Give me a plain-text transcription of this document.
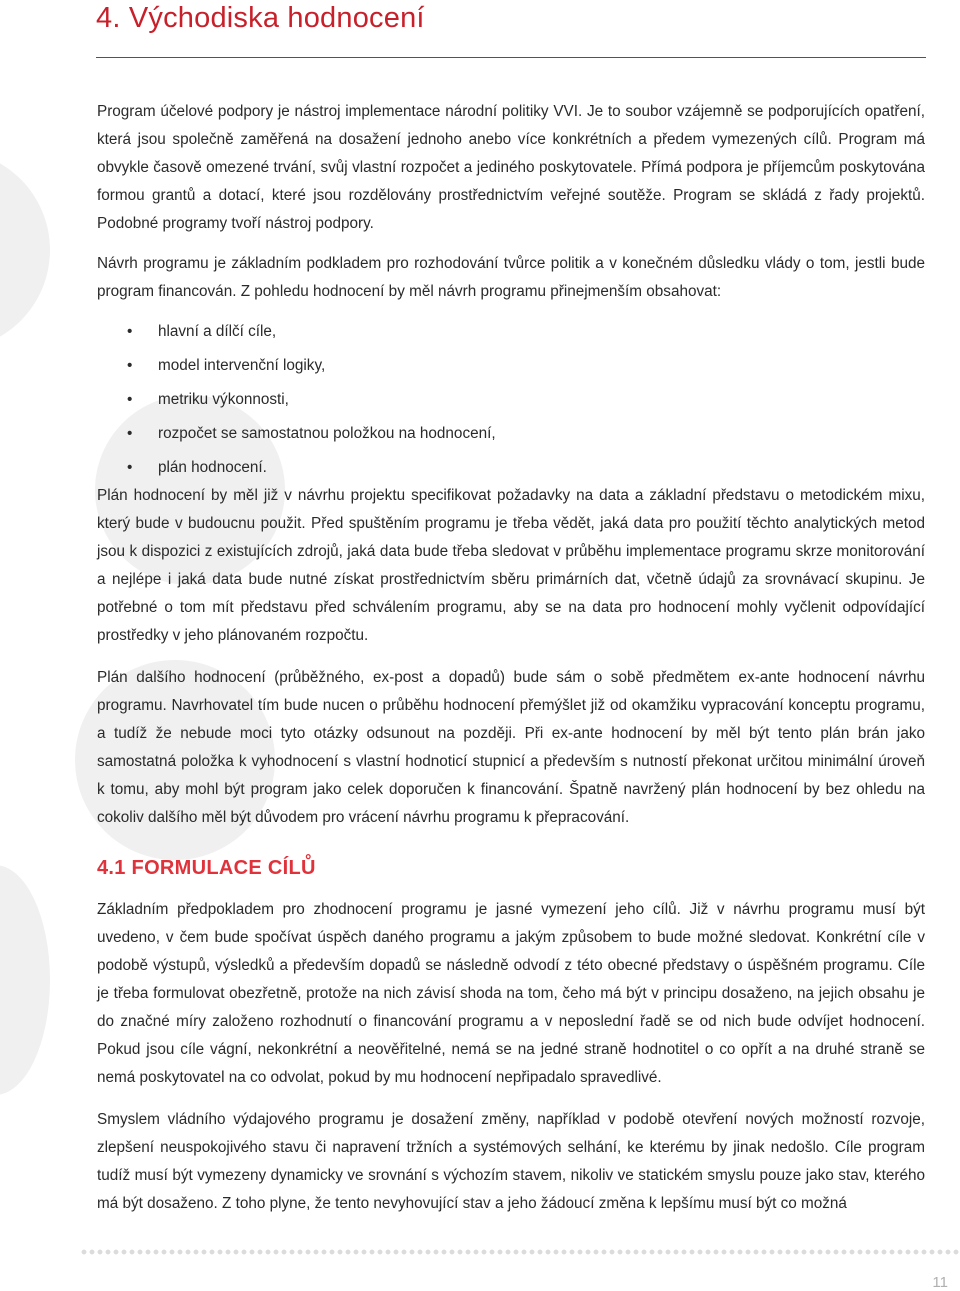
4. Východiska hodnocení

Program účelové podpory je nástroj implementace národní politiky VVI. Je to soubor vzájemně se podporujících opatření, která jsou společně zaměřená na dosažení jednoho anebo více konkrétních a předem vymezených cílů. Program má obvykle časově omezené trvání, svůj vlastní rozpočet a jediného poskytovatele. Přímá podpora je příjemcům poskytována formou grantů a dotací, které jsou rozdělovány prostřednictvím veřejné soutěže. Program se skládá z řady projektů. Podobné programy tvoří nástroj podpory.

Návrh programu je základním podkladem pro rozhodování tvůrce politik a v konečném důsledku vlády o tom, jestli bude program financován. Z pohledu hodnocení by měl návrh programu přinejmenším obsahovat:

• hlavní a dílčí cíle,
• model intervenční logiky,
• metriku výkonnosti,
• rozpočet se samostatnou položkou na hodnocení,
• plán hodnocení.

Plán hodnocení by měl již v návrhu projektu specifikovat požadavky na data a základní představu o metodickém mixu, který bude v budoucnu použit. Před spuštěním programu je třeba vědět, jaká data pro použití těchto analytických metod jsou k dispozici z existujících zdrojů, jaká data bude třeba sledovat v průběhu implementace programu skrze monitorování a nejlépe i jaká data bude nutné získat prostřednictvím sběru primárních dat, včetně údajů za srovnávací skupinu. Je potřebné o tom mít představu před schválením programu, aby se na data pro hodnocení mohly vyčlenit odpovídající prostředky v jeho plánovaném rozpočtu.

Plán dalšího hodnocení (průběžného, ex-post a dopadů) bude sám o sobě předmětem ex-ante hodnocení návrhu programu. Navrhovatel tím bude nucen o průběhu hodnocení přemýšlet již od okamžiku vypracování konceptu programu, a tudíž že nebude moci tyto otázky odsunout na později. Při ex-ante hodnocení by měl být tento plán brán jako samostatná položka k vyhodnocení s vlastní hodnoticí stupnicí a především s nutností překonat určitou minimální úroveň k tomu, aby mohl být program jako celek doporučen k financování. Špatně navržený plán hodnocení by bez ohledu na cokoliv dalšího měl být důvodem pro vrácení návrhu programu k přepracování.

4.1 FORMULACE CÍLŮ

Základním předpokladem pro zhodnocení programu je jasné vymezení jeho cílů. Již v návrhu programu musí být uvedeno, v čem bude spočívat úspěch daného programu a jakým způsobem to bude možné sledovat. Konkrétní cíle v podobě výstupů, výsledků a především dopadů se následně odvodí z této obecné představy o úspěšném programu. Cíle je třeba formulovat obezřetně, protože na nich závisí shoda na tom, čeho má být v principu dosaženo, na jejich obsahu je do značné míry založeno rozhodnutí o financování programu a v neposlední řadě se od nich bude odvíjet hodnocení. Pokud jsou cíle vágní, nekonkrétní a neověřitelné, nemá se na jedné straně hodnotitel o co opřít a na druhé straně se nemá poskytovatel na co odvolat, pokud by mu hodnocení nepřipadalo spravedlivé.

Smyslem vládního výdajového programu je dosažení změny, například v podobě otevření nových možností rozvoje, zlepšení neuspokojivého stavu či napravení tržních a systémových selhání, ke kterému by jinak nedošlo. Cíle program tudíž musí být vymezeny dynamicky ve srovnání s výchozím stavem, nikoliv ve statickém smyslu pouze jako stav, kterého má být dosaženo. Z toho plyne, že tento nevyhovující stav a jeho žádoucí změna k lepšímu musí být co možná

11
